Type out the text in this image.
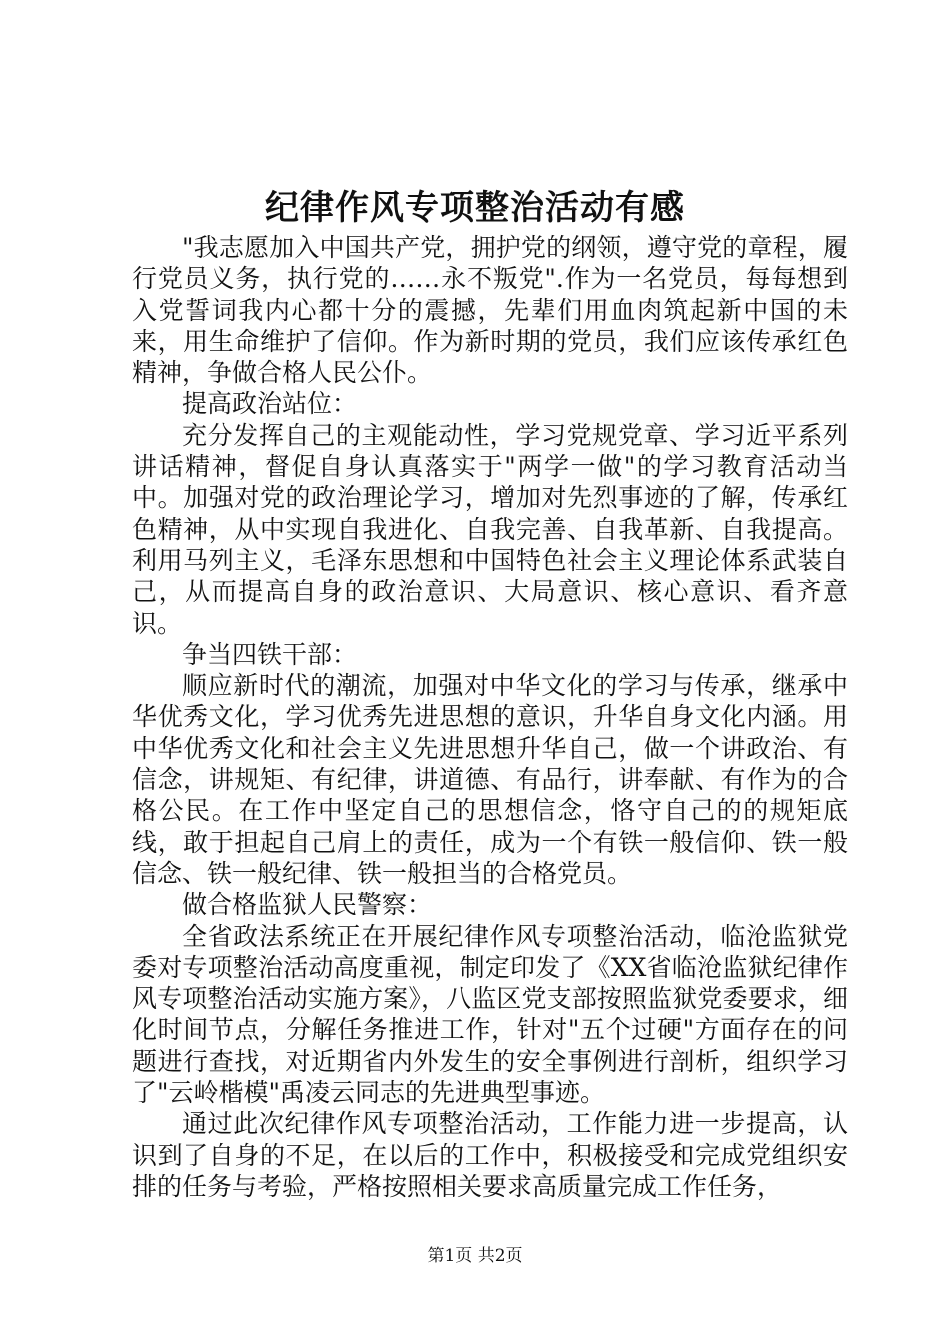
纪律作风专项整治活动有感

"我志愿加入中国共产党，拥护党的纲领，遵守党的章程，履行党员义务，执行党的……永不叛党".作为一名党员，每每想到入党誓词我内心都十分的震撼，先辈们用血肉筑起新中国的未来，用生命维护了信仰。作为新时期的党员，我们应该传承红色精神，争做合格人民公仆。

提高政治站位：

充分发挥自己的主观能动性，学习党规党章、学习近平系列讲话精神，督促自身认真落实于"两学一做"的学习教育活动当中。加强对党的政治理论学习，增加对先烈事迹的了解，传承红色精神，从中实现自我进化、自我完善、自我革新、自我提高。利用马列主义，毛泽东思想和中国特色社会主义理论体系武装自己，从而提高自身的政治意识、大局意识、核心意识、看齐意识。

争当四铁干部：

顺应新时代的潮流，加强对中华文化的学习与传承，继承中华优秀文化，学习优秀先进思想的意识，升华自身文化内涵。用中华优秀文化和社会主义先进思想升华自己，做一个讲政治、有信念，讲规矩、有纪律，讲道德、有品行，讲奉献、有作为的合格公民。在工作中坚定自己的思想信念，恪守自己的的规矩底线，敢于担起自己肩上的责任，成为一个有铁一般信仰、铁一般信念、铁一般纪律、铁一般担当的合格党员。

做合格监狱人民警察：

全省政法系统正在开展纪律作风专项整治活动，临沧监狱党委对专项整治活动高度重视，制定印发了《XX省临沧监狱纪律作风专项整治活动实施方案》，八监区党支部按照监狱党委要求，细化时间节点，分解任务推进工作，针对"五个过硬"方面存在的问题进行查找，对近期省内外发生的安全事例进行剖析，组织学习了"云岭楷模"禹凌云同志的先进典型事迹。

通过此次纪律作风专项整治活动，工作能力进一步提高，认识到了自身的不足，在以后的工作中，积极接受和完成党组织安排的任务与考验，严格按照相关要求高质量完成工作任务，

第1页 共2页
